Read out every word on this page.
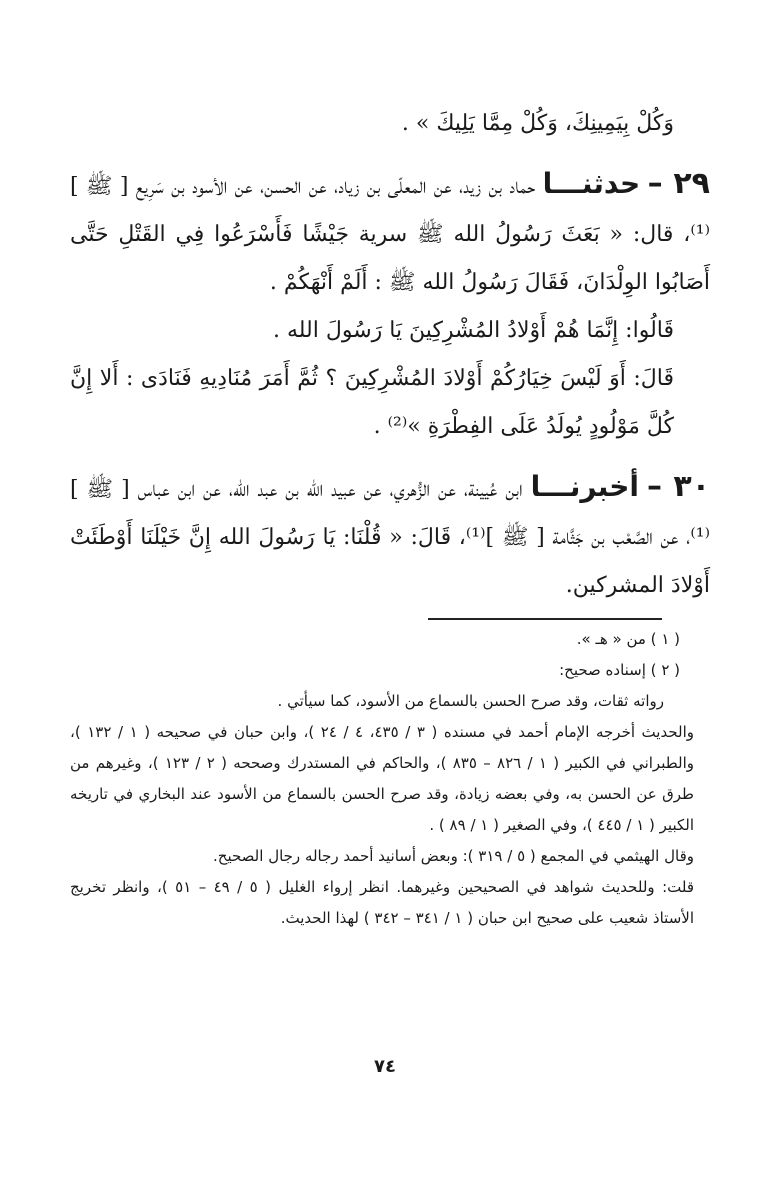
وَكُلْ بِيَمِينِكَ، وَكُلْ مِمَّا يَلِيكَ » .

٢٩ – حدثنـــا حماد بن زيد، عن المعلّى بن زياد، عن الحسن، عن الأسود بن سَرِيع [ ﷺ ] ⁽¹⁾، قال: « بَعَثَ رَسُولُ الله ﷺ سرية جَيْشًا فَأَسْرَعُوا فِي القَتْلِ حَتَّى أَصَابُوا الوِلْدَانَ، فَقَالَ رَسُولُ الله ﷺ : أَلَمْ أَنْهَكُمْ .

قَالُوا: إِنَّمَا هُمْ أَوْلادُ المُشْرِكِينَ يَا رَسُولَ الله .

قَالَ: أَوَ لَيْسَ خِيَارُكُمْ أَوْلادَ المُشْرِكِينَ ؟ ثُمَّ أَمَرَ مُنَادِيهِ فَنَادَى : أَلا إِنَّ كُلَّ مَوْلُودٍ يُولَدُ عَلَى الفِطْرَةِ »⁽²⁾ .

٣٠ – أخبرنـــا ابن عُيينة، عن الزُّهري، عن عبيد الله بن عبد الله، عن ابن عباس [ ﷺ ]⁽¹⁾، عن الصَّعْب بن جَثَّامة [ ﷺ ]⁽¹⁾، قَالَ: « قُلْنَا: يَا رَسُولَ الله إِنَّ خَيْلَنَا أَوْطَئَتْ أَوْلادَ المشركين.

( ١ ) من « هـ ».

( ٢ ) إسناده صحيح:

رواته ثقات، وقد صرح الحسن بالسماع من الأسود، كما سيأتي .

والحديث أخرجه الإمام أحمد في مسنده ( ٣ / ٤٣٥، ٤ / ٢٤ )، وابن حبان في صحيحه ( ١ / ١٣٢ )، والطبراني في الكبير ( ١ / ٨٢٦ – ٨٣٥ )، والحاكم في المستدرك وصححه ( ٢ / ١٢٣ )، وغيرهم من طرق عن الحسن به، وفي بعضه زيادة، وقد صرح الحسن بالسماع من الأسود عند البخاري في تاريخه الكبير ( ١ / ٤٤٥ )، وفي الصغير ( ١ / ٨٩ ) .

وقال الهيثمي في المجمع ( ٥ / ٣١٩ ): وبعض أسانيد أحمد رجاله رجال الصحيح.

قلت: وللحديث شواهد في الصحيحين وغيرهما. انظر إرواء الغليل ( ٥ / ٤٩ – ٥١ )، وانظر تخريج الأستاذ شعيب على صحيح ابن حبان ( ١ / ٣٤١ – ٣٤٢ ) لهذا الحديث.

٧٤
